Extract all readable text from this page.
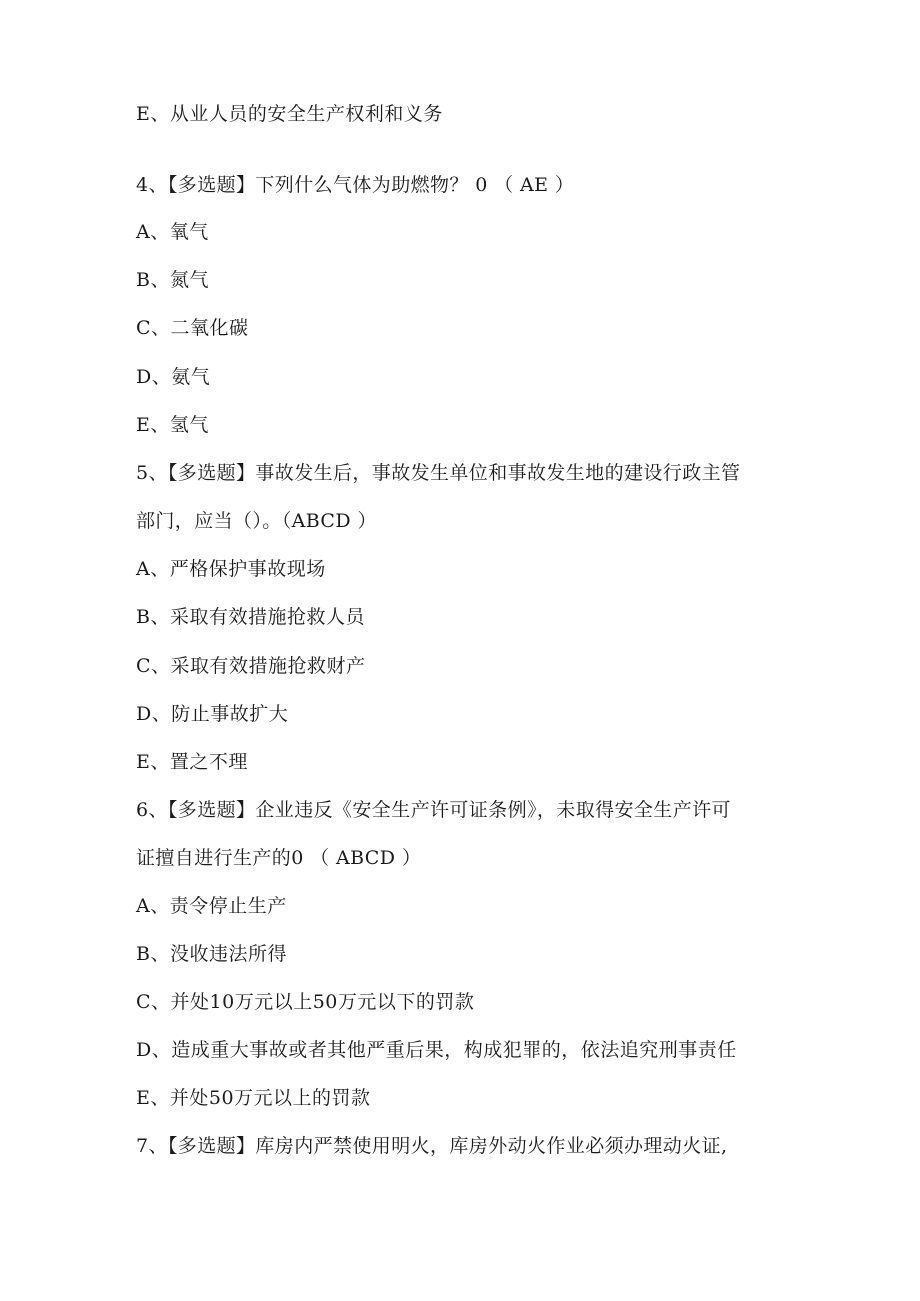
E、从业人员的安全生产权利和义务
4、【多选题】下列什么气体为助燃物？ 0 （ AE ）
A、氧气
B、氮气
C、二氧化碳
D、氨气
E、氢气
5、【多选题】事故发生后，事故发生单位和事故发生地的建设行政主管
部门，应当（）。（ABCD ）
A、严格保护事故现场
B、采取有效措施抢救人员
C、采取有效措施抢救财产
D、防止事故扩大
E、置之不理
6、【多选题】企业违反《安全生产许可证条例》，未取得安全生产许可
证擅自进行生产的0 （ ABCD ）
A、责令停止生产
B、没收违法所得
C、并处10万元以上50万元以下的罚款
D、造成重大事故或者其他严重后果，构成犯罪的，依法追究刑事责任
E、并处50万元以上的罚款
7、【多选题】库房内严禁使用明火，库房外动火作业必须办理动火证,
